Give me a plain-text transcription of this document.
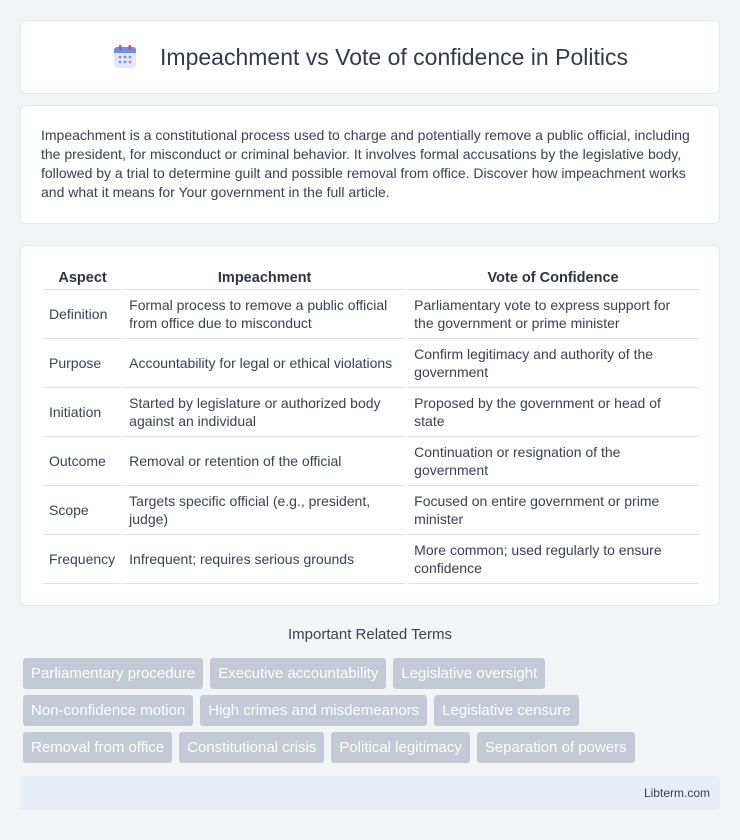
Impeachment vs Vote of confidence in Politics

Impeachment is a constitutional process used to charge and potentially remove a public official, including the president, for misconduct or criminal behavior. It involves formal accusations by the legislative body, followed by a trial to determine guilt and possible removal from office. Discover how impeachment works and what it means for Your government in the full article.

Aspect	Impeachment	Vote of Confidence
Definition	Formal process to remove a public official from office due to misconduct	Parliamentary vote to express support for the government or prime minister
Purpose	Accountability for legal or ethical violations	Confirm legitimacy and authority of the government
Initiation	Started by legislature or authorized body against an individual	Proposed by the government or head of state
Outcome	Removal or retention of the official	Continuation or resignation of the government
Scope	Targets specific official (e.g., president, judge)	Focused on entire government or prime minister
Frequency	Infrequent; requires serious grounds	More common; used regularly to ensure confidence
Important Related Terms
Parliamentary procedure	Executive accountability	Legislative oversight
Non-confidence motion	High crimes and misdemeanors	Legislative censure
Removal from office	Constitutional crisis	Political legitimacy	Separation of powers
Libterm.com
